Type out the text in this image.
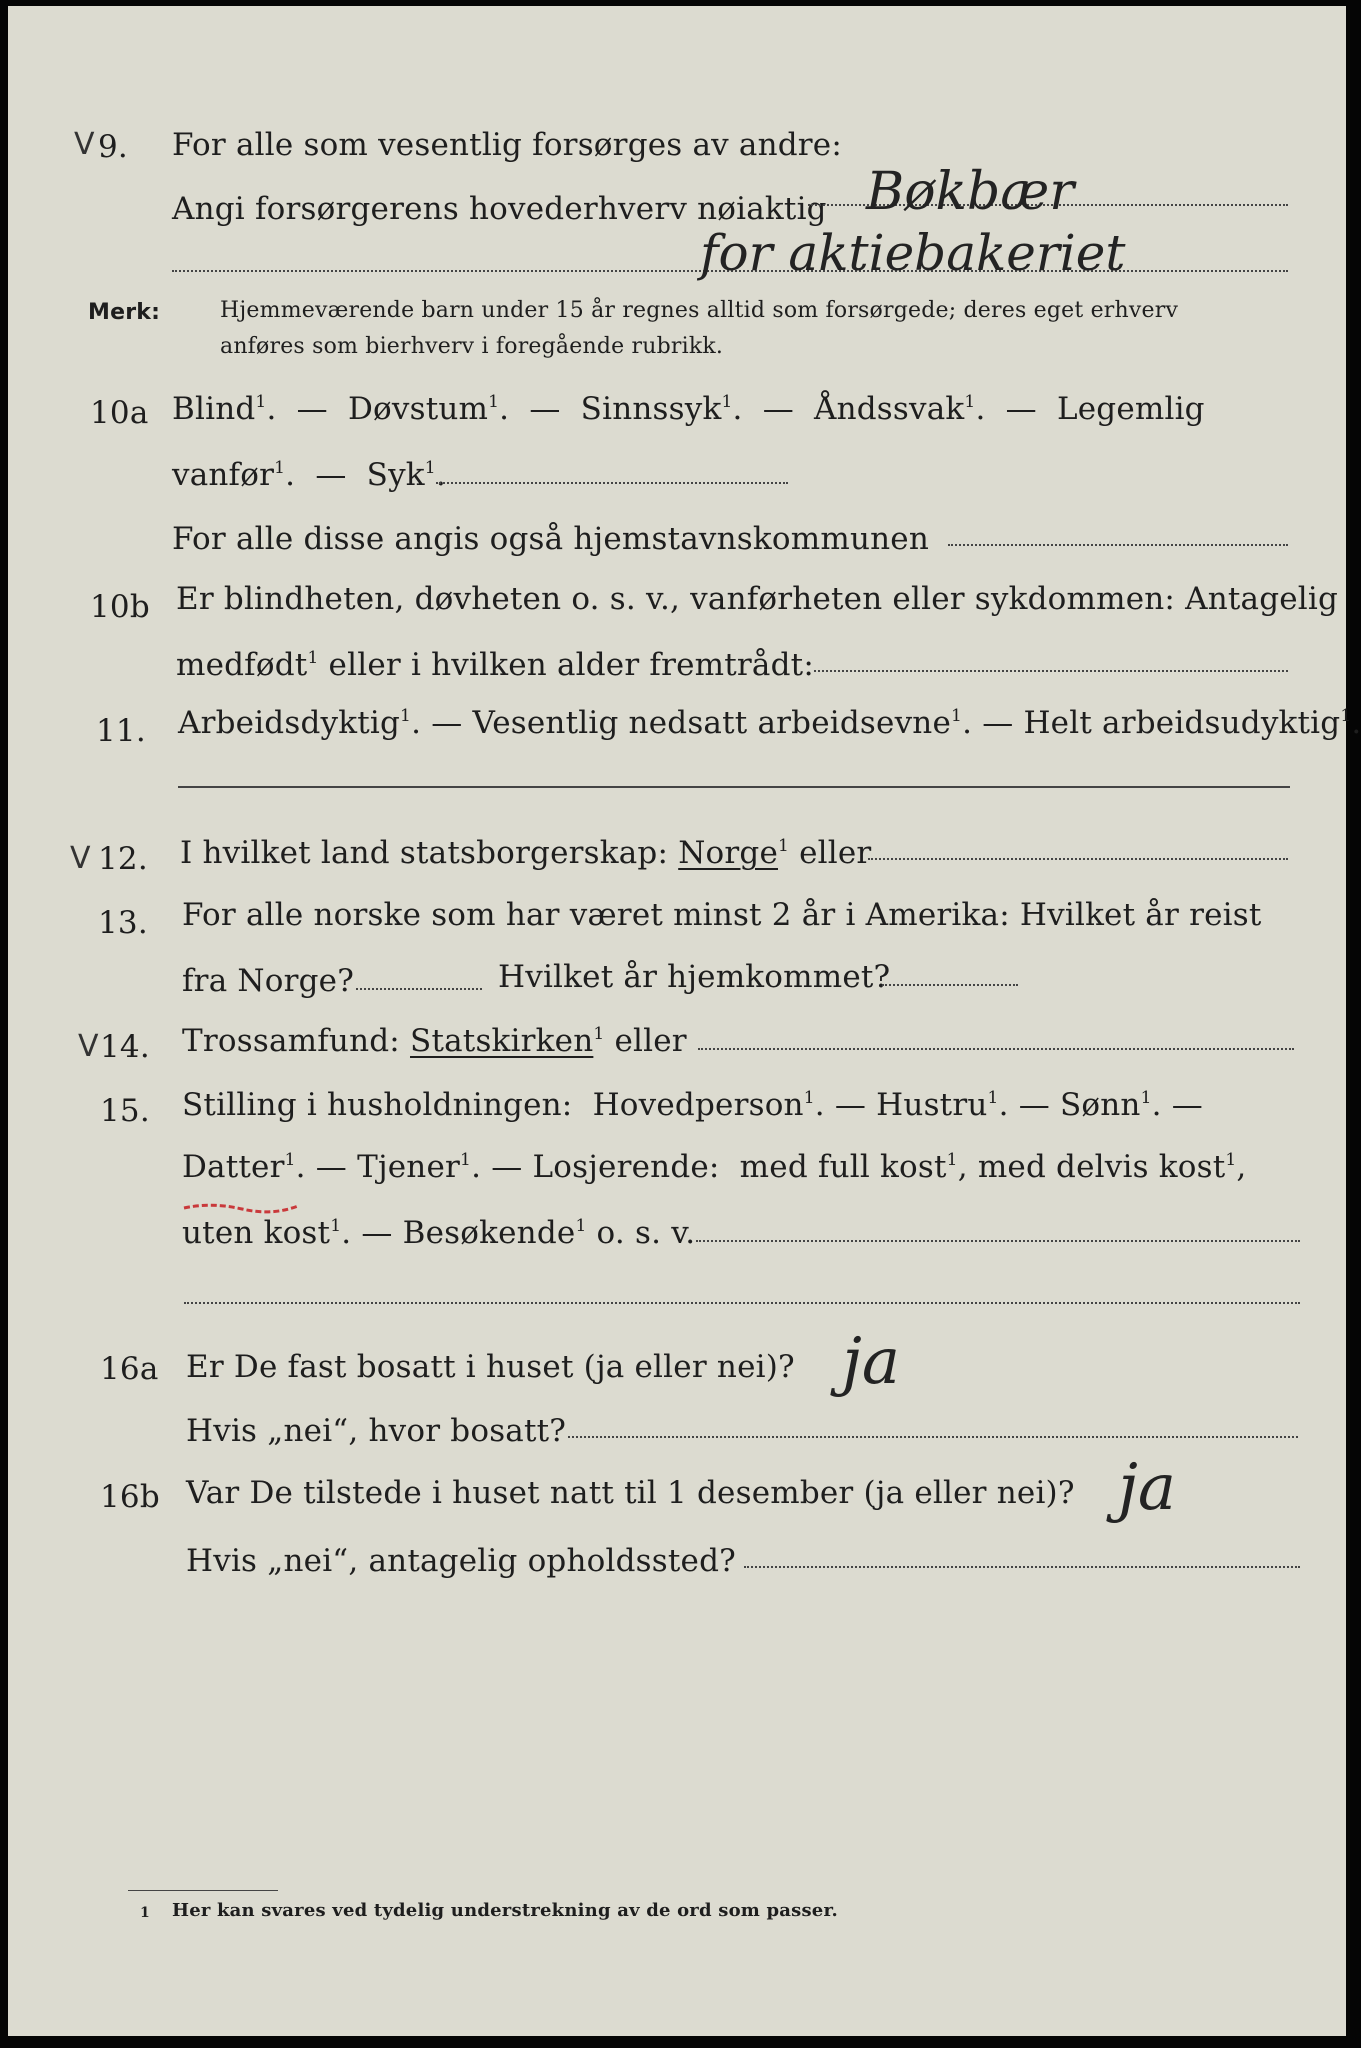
V 9. For alle som vesentlig forsørges av andre:
Angi forsørgerens hovederhverv nøiaktig Bøkbær
for aktiebakeriet
Merk:	Hjemmeværende barn under 15 år regnes alltid som forsørgede; deres eget erhverv
anføres som bierhverv i foregående rubrikk.
10a Blind$^1$. — Døvstum$^1$. — Sinnssyk$^1$. — Åndssvak$^1$. — Legemlig
vanfør$^1$. — Syk$^1$.
For alle disse angis også hjemstavnskommunen
10b Er blindheten, døvheten o. s. v., vanførheten eller sykdommen: Antagelig
medfødt$^1$ eller i hvilken alder fremtrådt:
11. Arbeidsdyktig$^1$. — Vesentlig nedsatt arbeidsevne$^1$. — Helt arbeidsudyktig$^1$.
V 12. I hvilket land statsborgerskap: Norge$^1$ eller
13. For alle norske som har været minst 2 år i Amerika: Hvilket år reist
fra Norge?	Hvilket år hjemkommet?
V 14. Trossamfund: Statskirken$^1$ eller
15. Stilling i husholdningen: Hovedperson$^1$. — Hustru$^1$. — Sønn$^1$. —
Datter$^1$. — Tjener$^1$. — Losjerende: med full kost$^1$, med delvis kost$^1$,
uten kost$^1$. — Besøkende$^1$ o. s. v.
16a Er De fast bosatt i huset (ja eller nei)? ja
Hvis „nei“, hvor bosatt?
16b Var De tilstede i huset natt til 1 desember (ja eller nei)? ja
Hvis „nei“, antagelig opholdssted?
1 Her kan svares ved tydelig understrekning av de ord som passer.
